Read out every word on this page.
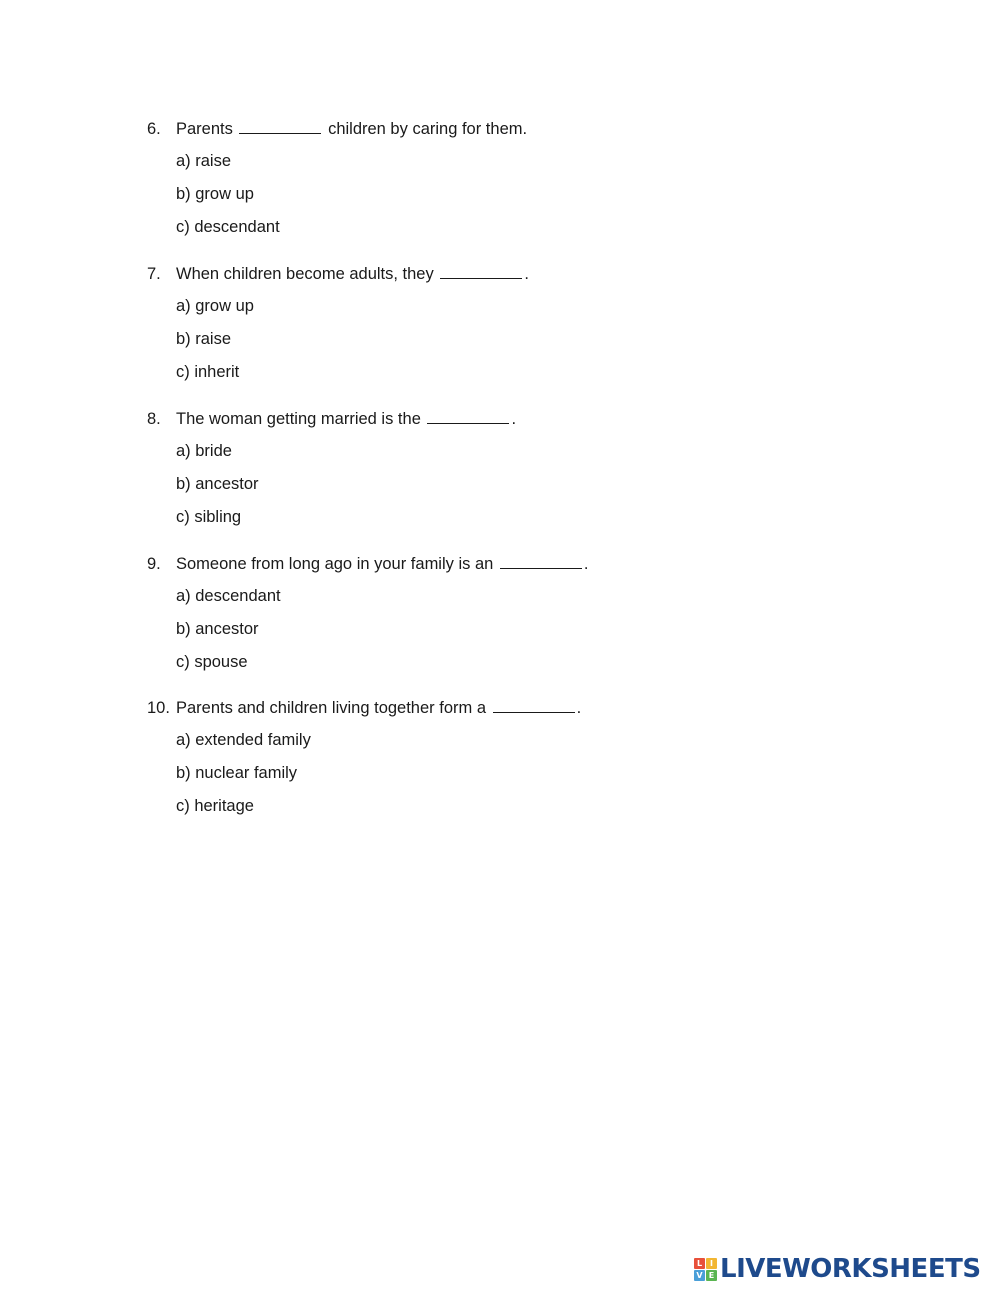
6. Parents	children by caring for them.
a) raise
b) grow up
c) descendant
7. When children become adults, they	.
a) grow up
b) raise
c) inherit
8. The woman getting married is the	.
a) bride
b) ancestor
c) sibling
9. Someone from long ago in your family is an	.
a) descendant
b) ancestor
c) spouse
10. Parents and children living together form a	.
a) extended family
b) nuclear family
c) heritage
L I
V E LIVEWORKSHEETS
